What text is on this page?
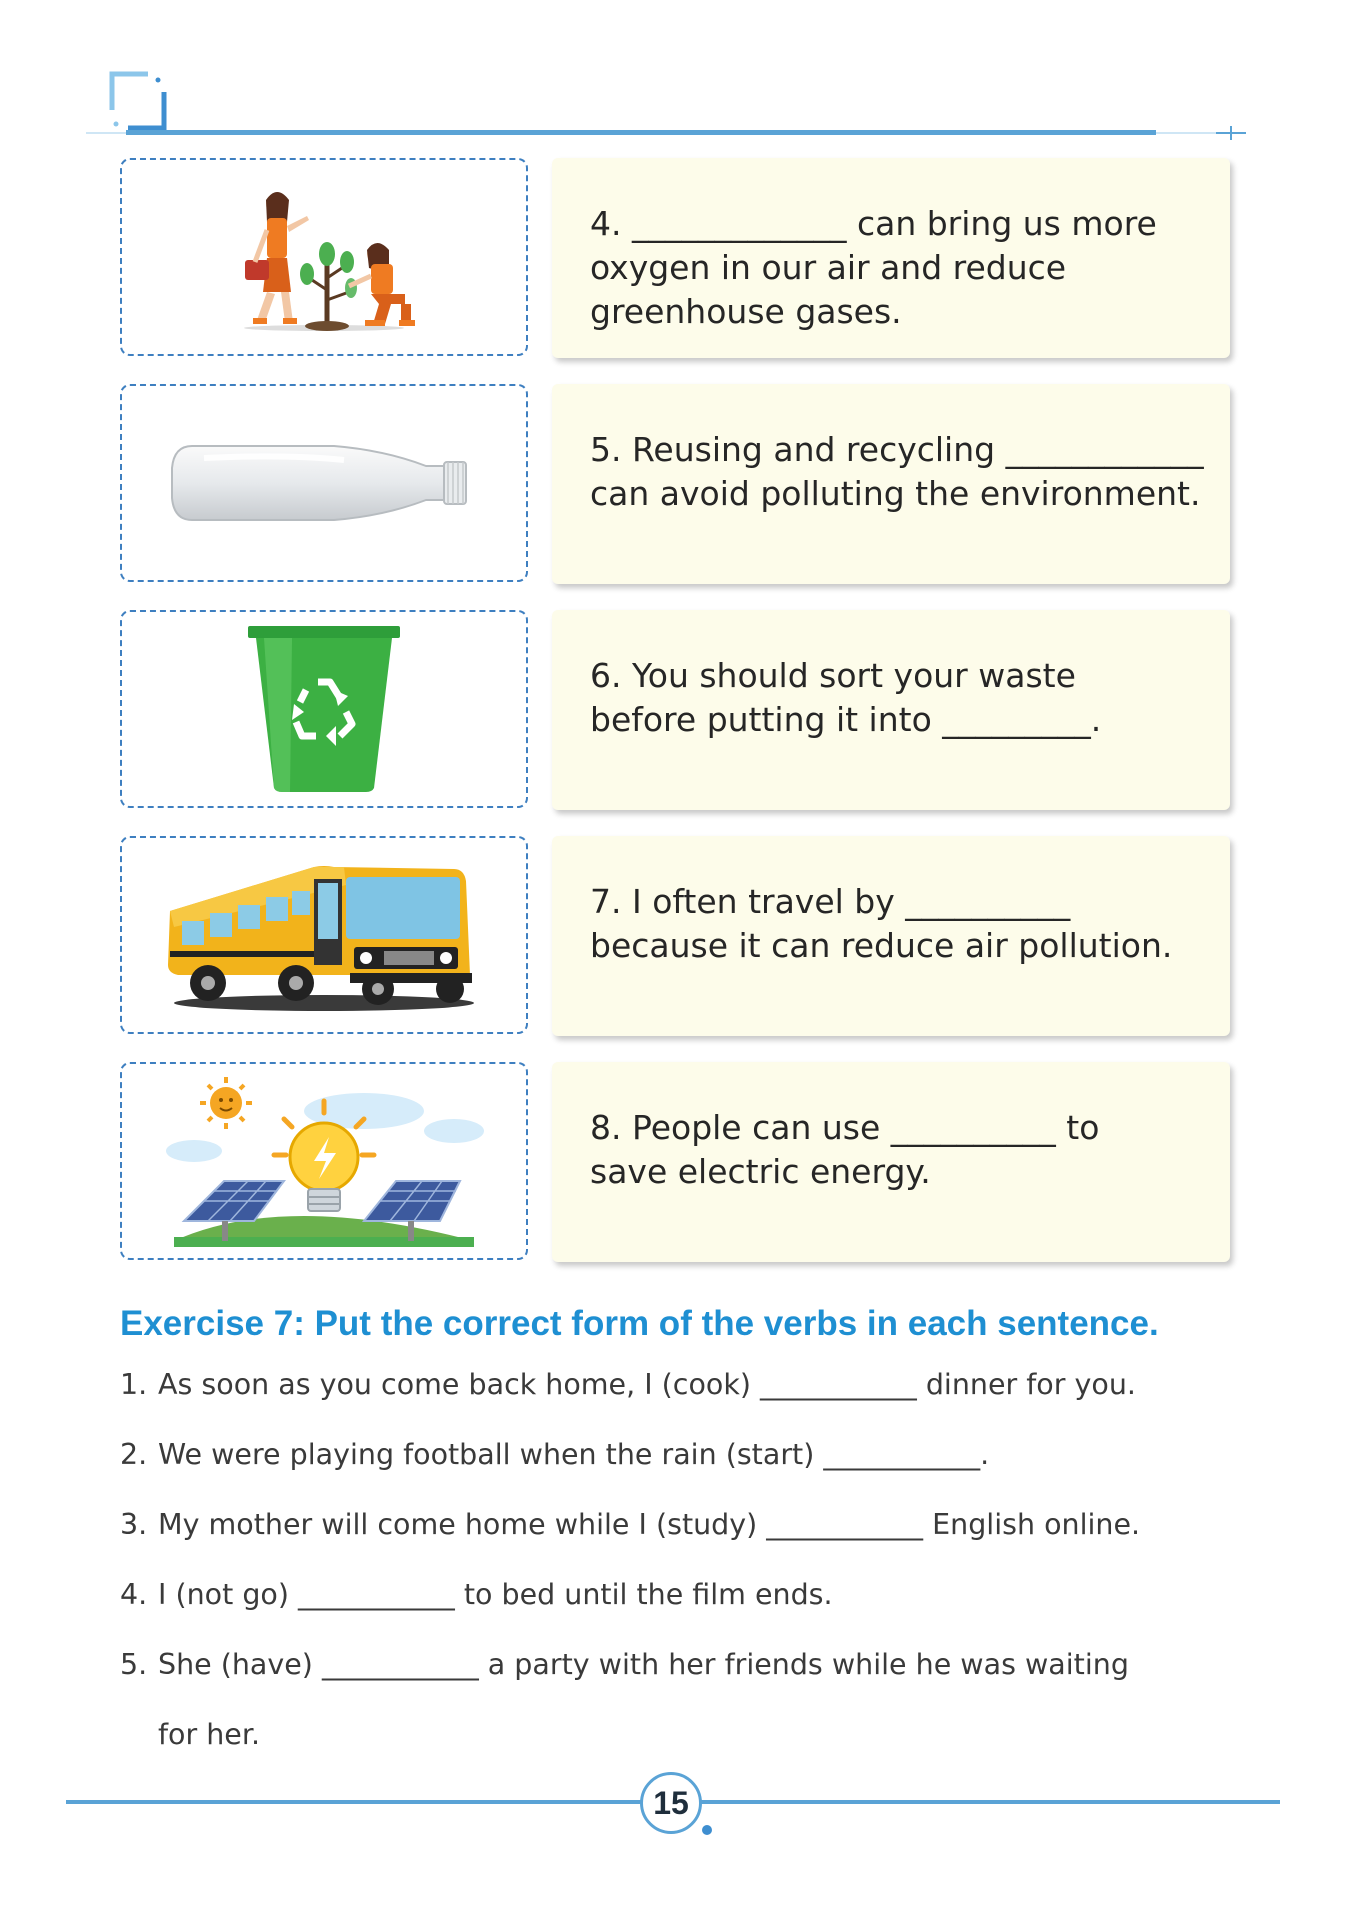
4. _____________ can bring us more
oxygen in our air and reduce
greenhouse gases.

5. Reusing and recycling ____________
can avoid polluting the environment.

6. You should sort your waste
before putting it into _________.

7. I often travel by __________
because it can reduce air pollution.

8. People can use __________ to
save electric energy.

Exercise 7: Put the correct form of the verbs in each sentence.
1. As soon as you come back home, I (cook) ___________ dinner for you.
2. We were playing football when the rain (start) ___________.
3. My mother will come home while I (study) ___________ English online.
4. I (not go) ___________ to bed until the film ends.
5. She (have) ___________ a party with her friends while he was waiting
for her.
15
